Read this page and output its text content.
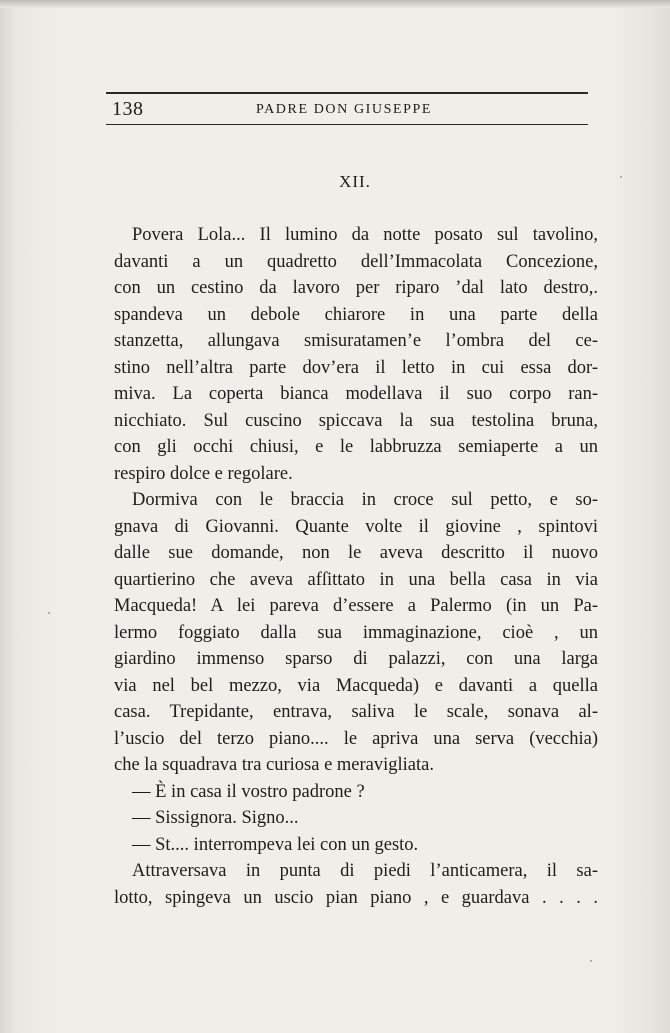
138	PADRE DON GIUSEPPE
XII.
Povera Lola... Il lumino da notte posato sul tavolino,
davanti a un quadretto dell’Immacolata Concezione,
con un cestino da lavoro per riparo ’dal lato destro,.
spandeva un debole chiarore in una parte della
stanzetta, allungava smisuratamen’e l’ombra del ce-
stino nell’altra parte dov’era il letto in cui essa dor-
miva. La coperta bianca modellava il suo corpo ran-
nicchiato. Sul cuscino spiccava la sua testolina bruna,
con gli occhi chiusi, e le labbruzza semiaperte a un
respiro dolce e regolare.
Dormiva con le braccia in croce sul petto, e so-
gnava di Giovanni. Quante volte il giovine , spintovi
dalle sue domande, non le aveva descritto il nuovo
quartierino che aveva afſittato in una bella casa in via
Macqueda! A lei pareva d’essere a Palermo (in un Pa-
lermo foggiato dalla sua immaginazione, cioè , un
giardino immenso sparso di palazzi, con una larga
via nel bel mezzo, via Macqueda) e davanti a quella
casa. Trepidante, entrava, saliva le scale, sonava al-
l’uscio del terzo piano.... le apriva una serva (vecchia)
che la squadrava tra curiosa e meravigliata.
— È in casa il vostro padrone ?
— Sissignora. Signo...
— St.... interrompeva lei con un gesto.
Attraversava in punta di piedi l’anticamera, il sa-
lotto, spingeva un uscio pian piano , e guardava . . . .
